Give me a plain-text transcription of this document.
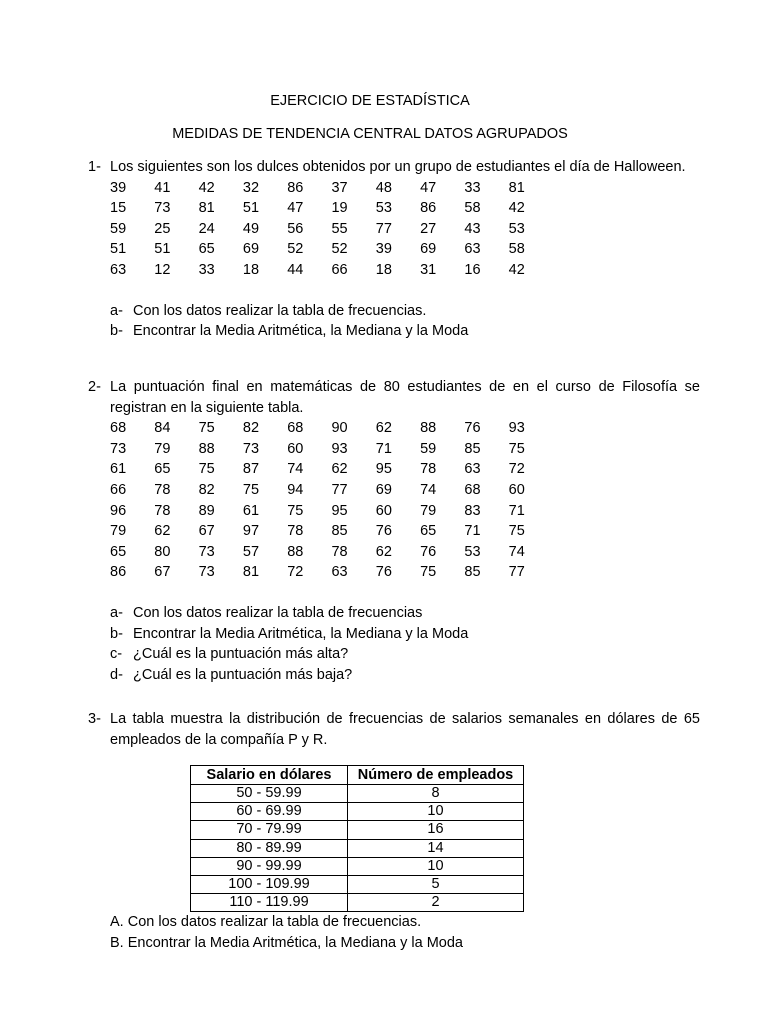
EJERCICIO DE ESTADÍSTICA
MEDIDAS DE TENDENCIA CENTRAL DATOS AGRUPADOS
1- Los siguientes son los dulces obtenidos por un grupo de estudiantes el día de Halloween.
39 41 42 32 86 37 48 47 33 81
15 73 81 51 47 19 53 86 58 42
59 25 24 49 56 55 77 27 43 53
51 51 65 69 52 52 39 69 63 58
63 12 33 18 44 66 18 31 16 42
a- Con los datos realizar la tabla de frecuencias.
b- Encontrar la Media Aritmética, la Mediana y la Moda
2- La puntuación final en matemáticas de 80 estudiantes de en el curso de Filosofía se registran en la siguiente tabla.
68 84 75 82 68 90 62 88 76 93
73 79 88 73 60 93 71 59 85 75
61 65 75 87 74 62 95 78 63 72
66 78 82 75 94 77 69 74 68 60
96 78 89 61 75 95 60 79 83 71
79 62 67 97 78 85 76 65 71 75
65 80 73 57 88 78 62 76 53 74
86 67 73 81 72 63 76 75 85 77
a- Con los datos realizar la tabla de frecuencias
b- Encontrar la Media Aritmética, la Mediana y la Moda
c- ¿Cuál es la puntuación más alta?
d- ¿Cuál es la puntuación más baja?
3- La tabla muestra la distribución de frecuencias de salarios semanales en dólares de 65 empleados de la compañía P y R.
Salario en dólares	Número de empleados
50 - 59.99	8
60 - 69.99	10
70 - 79.99	16
80 - 89.99	14
90 - 99.99	10
100 - 109.99	5
110 - 119.99	2
A. Con los datos realizar la tabla de frecuencias.
B. Encontrar la Media Aritmética, la Mediana y la Moda
